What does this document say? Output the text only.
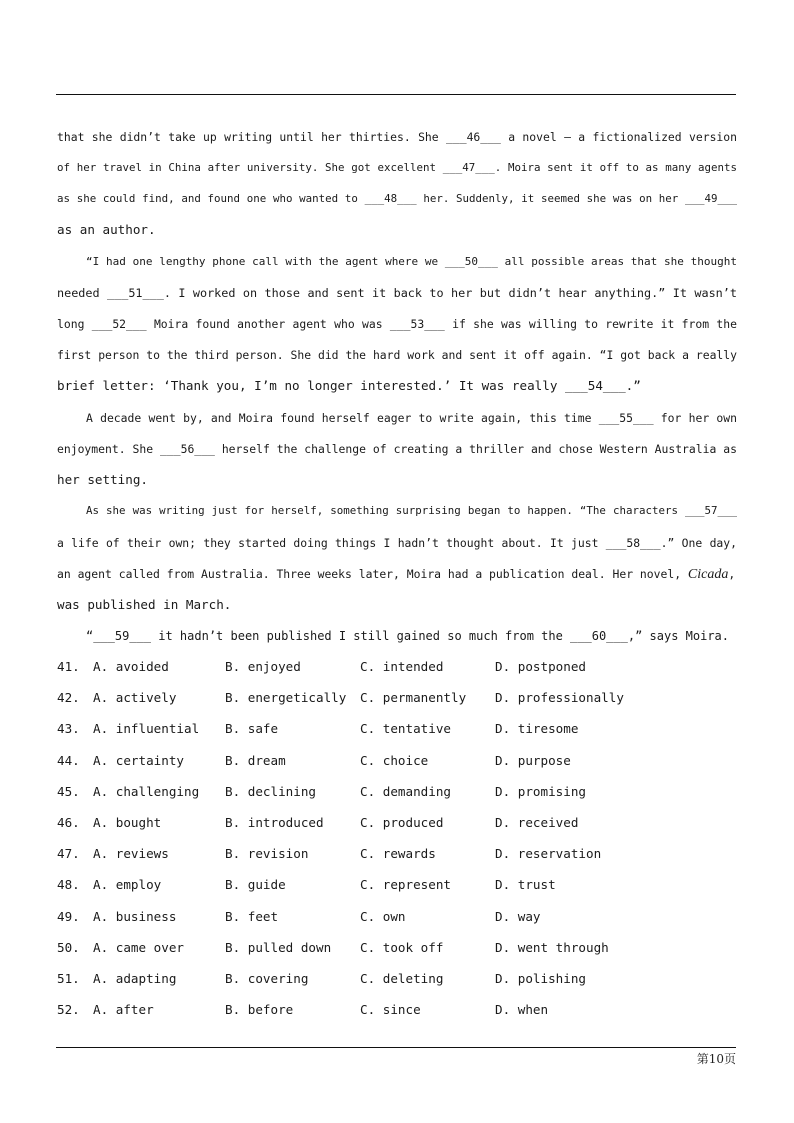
that she didn’t take up writing until her thirties. She ___46___ a novel – a fictionalized version
of her travel in China after university. She got excellent ___47___. Moira sent it off to as many agents
as she could find, and found one who wanted to ___48___ her. Suddenly, it seemed she was on her ___49___
as an author.
“I had one lengthy phone call with the agent where we ___50___ all possible areas that she thought
needed ___51___. I worked on those and sent it back to her but didn’t hear anything.” It wasn’t
long ___52___ Moira found another agent who was ___53___ if she was willing to rewrite it from the
first person to the third person. She did the hard work and sent it off again. “I got back a really
brief letter: ‘Thank you, I’m no longer interested.’ It was really ___54___.”
A decade went by, and Moira found herself eager to write again, this time ___55___ for her own
enjoyment. She ___56___ herself the challenge of creating a thriller and chose Western Australia as
her setting.
As she was writing just for herself, something surprising began to happen. “The characters ___57___
a life of their own; they started doing things I hadn’t thought about. It just ___58___.” One day,
an agent called from Australia. Three weeks later, Moira had a publication deal. Her novel, Cicada,
was published in March.
“___59___ it hadn’t been published I still gained so much from the ___60___,” says Moira.
41. A. avoided	B. enjoyed	C. intended	D. postponed
42. A. actively	B. energetically C. permanently D. professionally
43. A. influential B. safe	C. tentative	D. tiresome
44. A. certainty	B. dream	C. choice	D. purpose
45. A. challenging B. declining	C. demanding	D. promising
46. A. bought	B. introduced	C. produced	D. received
47. A. reviews	B. revision	C. rewards	D. reservation
48. A. employ	B. guide	C. represent	D. trust
49. A. business	B. feet	C. own	D. way
50. A. came over	B. pulled down C. took off	D. went through
51. A. adapting	B. covering	C. deleting	D. polishing
52. A. after	B. before	C. since	D. when
第10页
